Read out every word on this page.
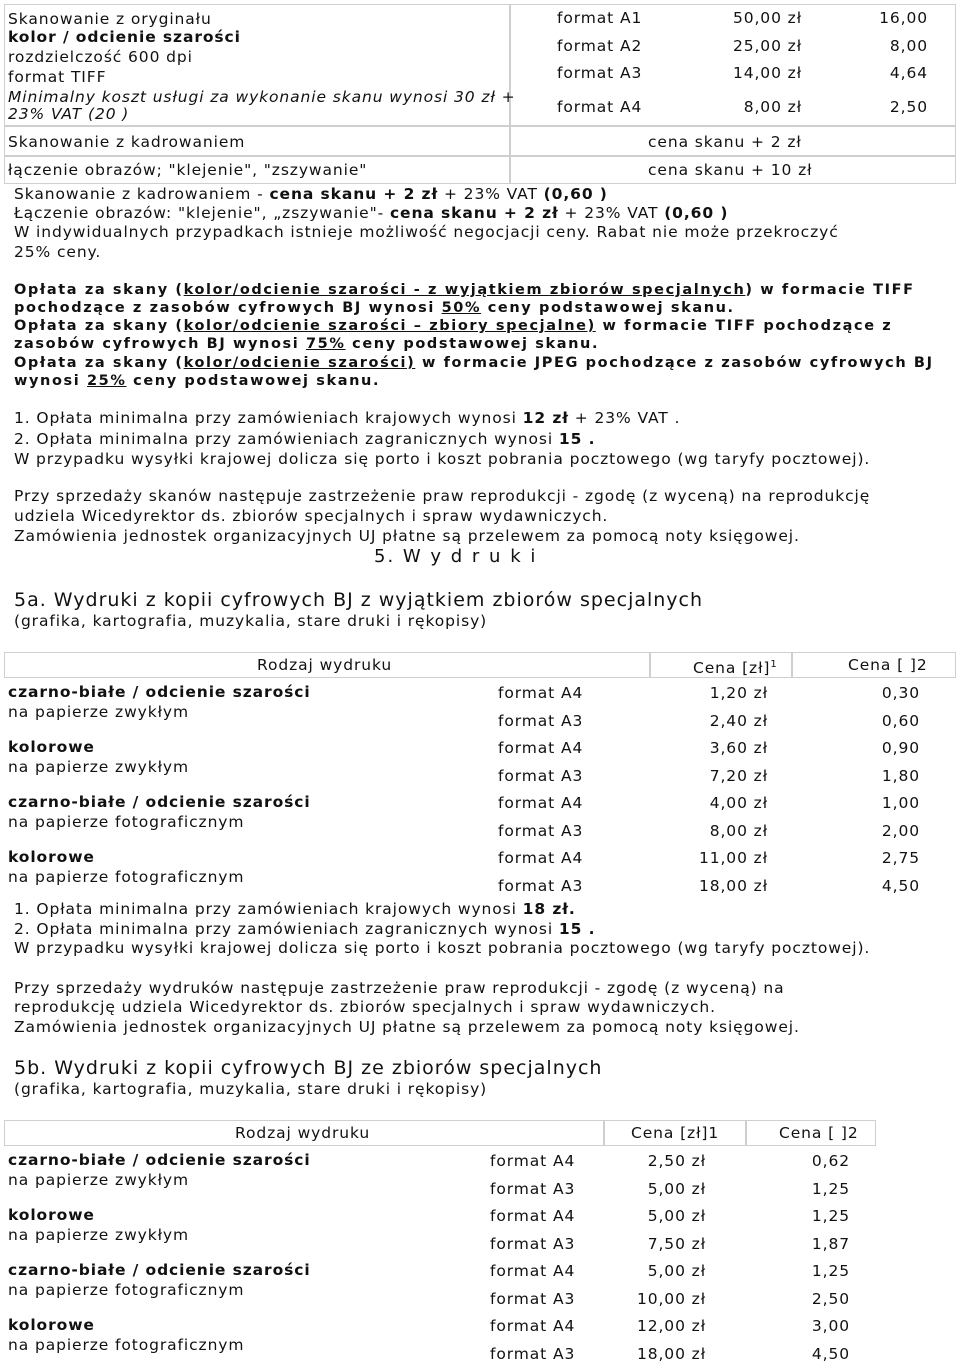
Skanowanie z oryginału
kolor / odcienie szarości
rozdzielczość 600 dpi
format TIFF
Minimalny koszt usługi za wykonanie skanu wynosi 30 zł +
23% VAT (20 )
format A1	50,00 zł	16,00
format A2	25,00 zł	8,00
format A3	14,00 zł	4,64
format A4	8,00 zł	2,50
Skanowanie z kadrowaniem	cena skanu + 2 zł
łączenie obrazów; "klejenie", "zszywanie"	cena skanu + 10 zł
Skanowanie z kadrowaniem - cena skanu + 2 zł + 23% VAT (0,60 )
Łączenie obrazów: "klejenie", „zszywanie"- cena skanu + 2 zł + 23% VAT (0,60 )
W indywidualnych przypadkach istnieje możliwość negocjacji ceny. Rabat nie może przekroczyć
25% ceny.
Opłata za skany (kolor/odcienie szarości - z wyjątkiem zbiorów specjalnych) w formacie TIFF
pochodzące z zasobów cyfrowych BJ wynosi 50% ceny podstawowej skanu.
Opłata za skany (kolor/odcienie szarości – zbiory specjalne) w formacie TIFF pochodzące z
zasobów cyfrowych BJ wynosi 75% ceny podstawowej skanu.
Opłata za skany (kolor/odcienie szarości) w formacie JPEG pochodzące z zasobów cyfrowych BJ
wynosi 25% ceny podstawowej skanu.
1. Opłata minimalna przy zamówieniach krajowych wynosi 12 zł + 23% VAT .
2. Opłata minimalna przy zamówieniach zagranicznych wynosi 15 .
W przypadku wysyłki krajowej dolicza się porto i koszt pobrania pocztowego (wg taryfy pocztowej).
Przy sprzedaży skanów następuje zastrzeżenie praw reprodukcji - zgodę (z wyceną) na reprodukcję
udziela Wicedyrektor ds. zbiorów specjalnych i spraw wydawniczych.
Zamówienia jednostek organizacyjnych UJ płatne są przelewem za pomocą noty księgowej.
5. W y d r u k i
5a. Wydruki z kopii cyfrowych BJ z wyjątkiem zbiorów specjalnych
(grafika, kartografia, muzykalia, stare druki i rękopisy)
Rodzaj wydruku	Cena [zł]$^1$	Cena [ ]2
czarno-białe / odcienie szarości
na papierze zwykłym
format A4	1,20 zł	0,30
format A3	2,40 zł	0,60
kolorowe
na papierze zwykłym
format A4	3,60 zł	0,90
format A3	7,20 zł	1,80
czarno-białe / odcienie szarości
na papierze fotograficznym
format A4	4,00 zł	1,00
format A3	8,00 zł	2,00
kolorowe
na papierze fotograficznym
format A4	11,00 zł	2,75
format A3	18,00 zł	4,50
1. Opłata minimalna przy zamówieniach krajowych wynosi 18 zł.
2. Opłata minimalna przy zamówieniach zagranicznych wynosi 15 .
W przypadku wysyłki krajowej dolicza się porto i koszt pobrania pocztowego (wg taryfy pocztowej).
Przy sprzedaży wydruków następuje zastrzeżenie praw reprodukcji - zgodę (z wyceną) na
reprodukcję udziela Wicedyrektor ds. zbiorów specjalnych i spraw wydawniczych.
Zamówienia jednostek organizacyjnych UJ płatne są przelewem za pomocą noty księgowej.
5b. Wydruki z kopii cyfrowych BJ ze zbiorów specjalnych
(grafika, kartografia, muzykalia, stare druki i rękopisy)
Rodzaj wydruku	Cena [zł]1	Cena [ ]2
czarno-białe / odcienie szarości
na papierze zwykłym
format A4	2,50 zł	0,62
format A3	5,00 zł	1,25
kolorowe
na papierze zwykłym
format A4	5,00 zł	1,25
format A3	7,50 zł	1,87
czarno-białe / odcienie szarości
na papierze fotograficznym
format A4	5,00 zł	1,25
format A3	10,00 zł	2,50
kolorowe
na papierze fotograficznym
format A4	12,00 zł	3,00
format A3	18,00 zł	4,50
